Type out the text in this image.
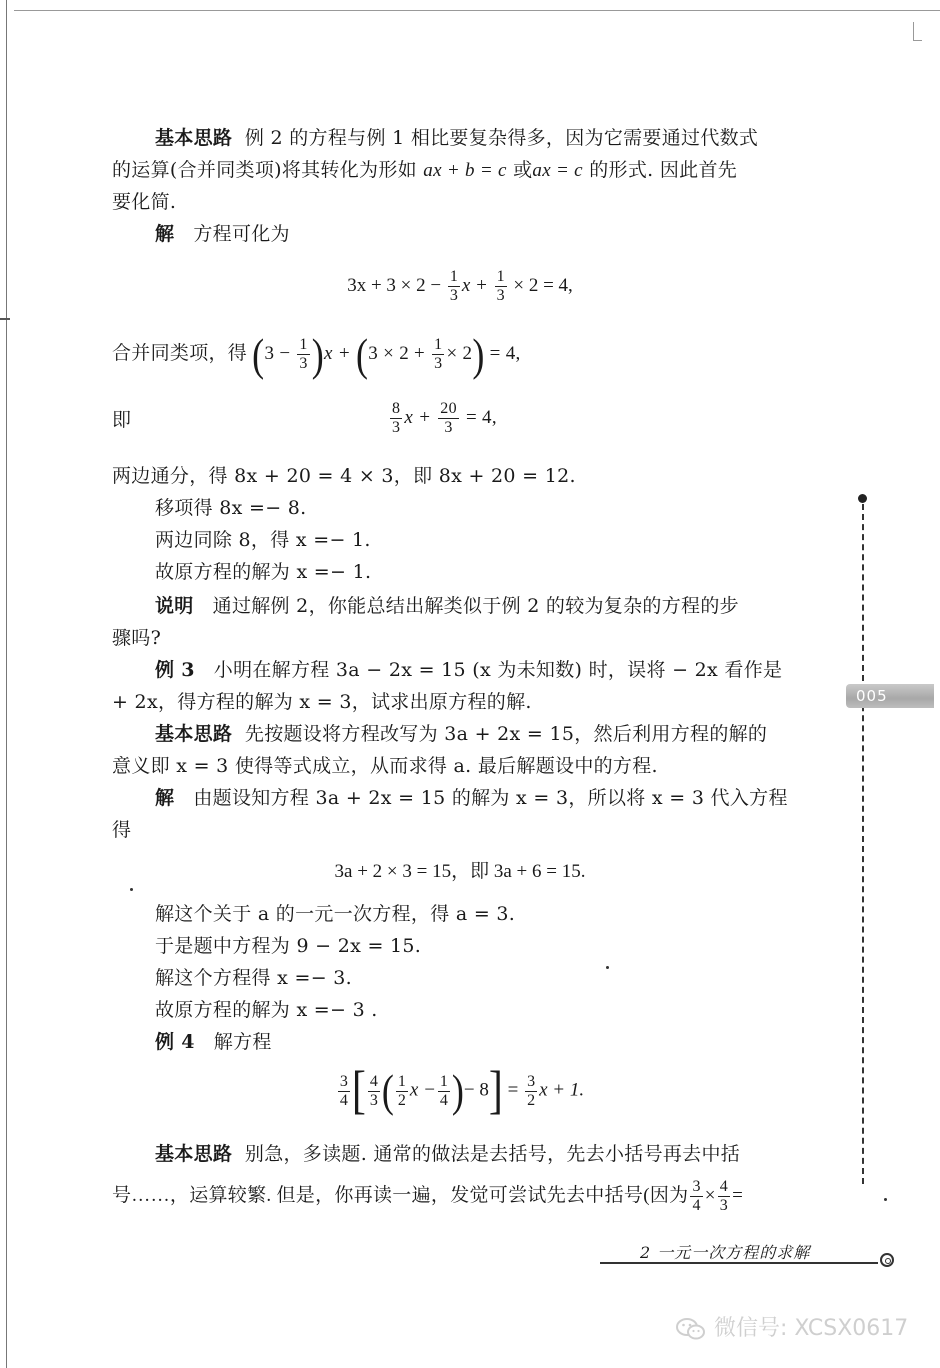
基本思路 例 2 的方程与例 1 相比要复杂得多，因为它需要通过代数式
的运算(合并同类项)将其转化为形如 ax + b = c 或ax = c 的形式. 因此首先
要化简.
解 方程可化为
$3x + 3 \times 2 - \frac{1}{3}$ $x + \frac{1}{3} \times 2 = 4$,
合并同类项，得 $(3 - \frac{1}{3} )x + (3 \times 2 + \frac{1}{3} \times 2) = 4$,
即	$\frac{8}{3}$ $x + \frac{20}{3} = 4$,
两边通分，得 8x + 20 = 4 × 3，即 8x + 20 = 12.
移项得 8x =− 8.
两边同除 8，得 x =− 1.
故原方程的解为 x =− 1.
说明 通过解例 2，你能总结出解类似于例 2 的较为复杂的方程的步
骤吗?
例 3 小明在解方程 3a − 2x = 15 (x 为未知数) 时，误将 − 2x 看作是
+ 2x，得方程的解为 x = 3，试求出原方程的解.
基本思路 先按题设将方程改写为 3a + 2x = 15，然后利用方程的解的
意义即 x = 3 使得等式成立，从而求得 a. 最后解题设中的方程.
解 由题设知方程 3a + 2x = 15 的解为 x = 3，所以将 x = 3 代入方程
得
3a + 2 × 3 = 15，即 3a + 6 = 15.
解这个关于 a 的一元一次方程，得 a = 3.
于是题中方程为 9 − 2x = 15.
解这个方程得 x =− 3.
故原方程的解为 x =− 3 .
例 4 解方程
$\frac{3}{4}$ [ $\frac{4}{3}$ ( $\frac{1}{2}$ $x - \frac{1}{4}$ )− $8] = \frac{3}{2}$ x + 1.
基本思路 别急，多读题. 通常的做法是去括号，先去小括号再去中括
号……，运算较繁. 但是，你再读一遍，发觉可尝试先去中括号(因为 $\frac{3}{4} \times \frac{4}{3}$ =
005
2 一元一次方程的求解
微信号: XCSX0617
